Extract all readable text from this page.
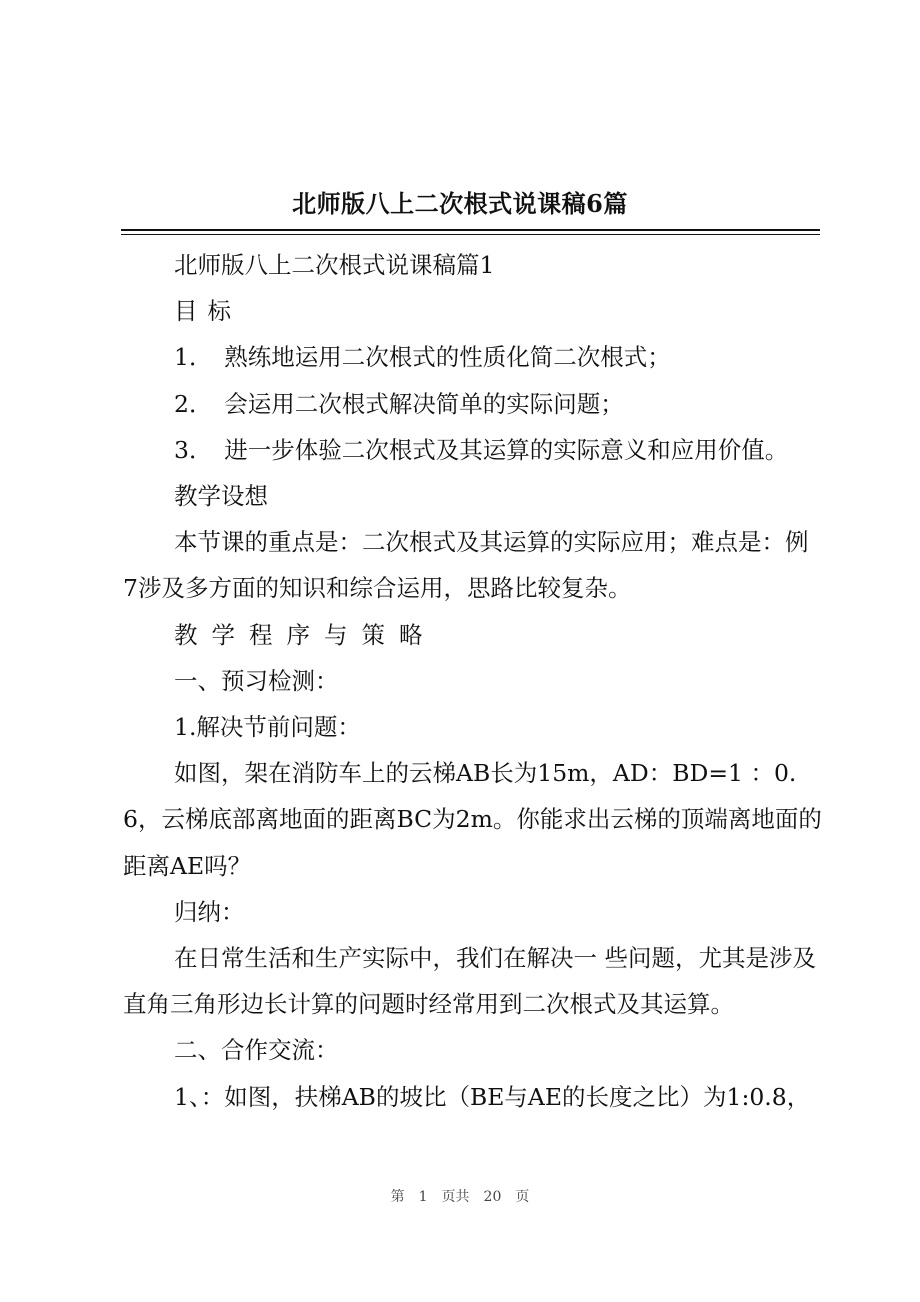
北师版八上二次根式说课稿6篇

北师版八上二次根式说课稿篇1

目标

1．　熟练地运用二次根式的性质化简二次根式；

2．　会运用二次根式解决简单的实际问题；

3．　进一步体验二次根式及其运算的实际意义和应用价值。

教学设想

本节课的重点是：二次根式及其运算的实际应用；难点是：例7涉及多方面的知识和综合运用，思路比较复杂。

教学程序与策略

一、预习检测：

1.解决节前问题：

如图，架在消防车上的云梯AB长为15m，AD：BD=1 ：0.6，云梯底部离地面的距离BC为2m。你能求出云梯的顶端离地面的距离AE吗？

归纳：

在日常生活和生产实际中，我们在解决一 些问题，尤其是涉及直角三角形边长计算的问题时经常用到二次根式及其运算。

二、合作交流：

1、：如图，扶梯AB的坡比（BE与AE的长度之比）为1:0.8，

第　1　页共　20　页
